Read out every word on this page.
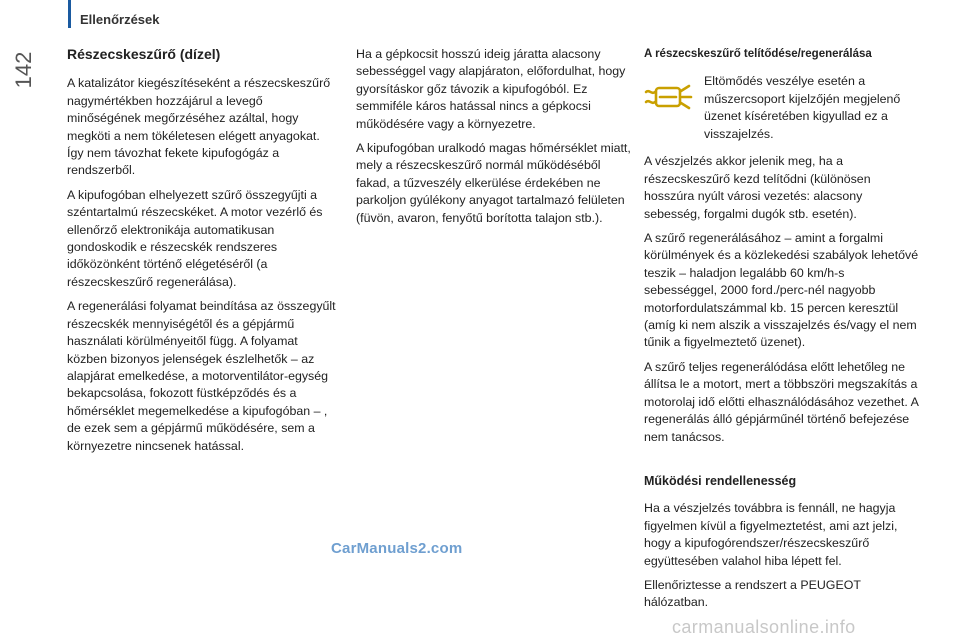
Ellenőrzések
142 Részecskeszűrő (dízel)

A katalizátor kiegészítéseként a részecskeszűrő nagymértékben hozzájárul a levegő minőségének megőrzéséhez azáltal, hogy megköti a nem tökéletesen elégett anyagokat. Így nem távozhat fekete kipufogógáz a rendszerből.

A kipufogóban elhelyezett szűrő összegyűjti a széntartalmú részecskéket. A motor vezérlő és ellenőrző elektronikája automatikusan gondoskodik e részecskék rendszeres időközönként történő elégetéséről (a részecskeszűrő regenerálása).

A regenerálási folyamat beindítása az összegyűlt részecskék mennyiségétől és a gépjármű használati körülményeitől függ. A folyamat közben bizonyos jelenségek észlelhetők – az alapjárat emelkedése, a motorventilátor-egység bekapcsolása, fokozott füstképződés és a hőmérséklet megemelkedése a kipufogóban – , de ezek sem a gépjármű működésére, sem a környezetre nincsenek hatással.

Ha a gépkocsit hosszú ideig járatta alacsony sebességgel vagy alapjáraton, előfordulhat, hogy gyorsításkor gőz távozik a kipufogóból. Ez semmiféle káros hatással nincs a gépkocsi működésére vagy a környezetre.

A kipufogóban uralkodó magas hőmérséklet miatt, mely a részecskeszűrő normál működéséből fakad, a tűzveszély elkerülése érdekében ne parkoljon gyúlékony anyagot tartalmazó felületen (füvön, avaron, fenyőtű borította talajon stb.).

A részecskeszűrő telítődése/regenerálása
Eltömődés veszélye esetén a műszercsoport kijelzőjén megjelenő üzenet kíséretében kigyullad ez a visszajelzés.

A vészjelzés akkor jelenik meg, ha a részecskeszűrő kezd telítődni (különösen hosszúra nyúlt városi vezetés: alacsony sebesség, forgalmi dugók stb. esetén).

A szűrő regenerálásához – amint a forgalmi körülmények és a közlekedési szabályok lehetővé teszik – haladjon legalább 60 km/h-s sebességgel, 2000 ford./perc-nél nagyobb motorfordulatszámmal kb. 15 percen keresztül (amíg ki nem alszik a visszajelzés és/vagy el nem tűnik a figyelmeztető üzenet).

A szűrő teljes regenerálódása előtt lehetőleg ne állítsa le a motort, mert a többszöri megszakítás a motorolaj idő előtti elhasználódásához vezethet. A regenerálás álló gépjárműnél történő befejezése nem tanácsos.

Működési rendellenesség

Ha a vészjelzés továbbra is fennáll, ne hagyja figyelmen kívül a figyelmeztetést, ami azt jelzi, hogy a kipufogórendszer/részecskeszűrő együttesében valahol hiba lépett fel.

Ellenőriztesse a rendszert a PEUGEOT hálózatban.

CarManuals2.com
carmanualsonline.info
